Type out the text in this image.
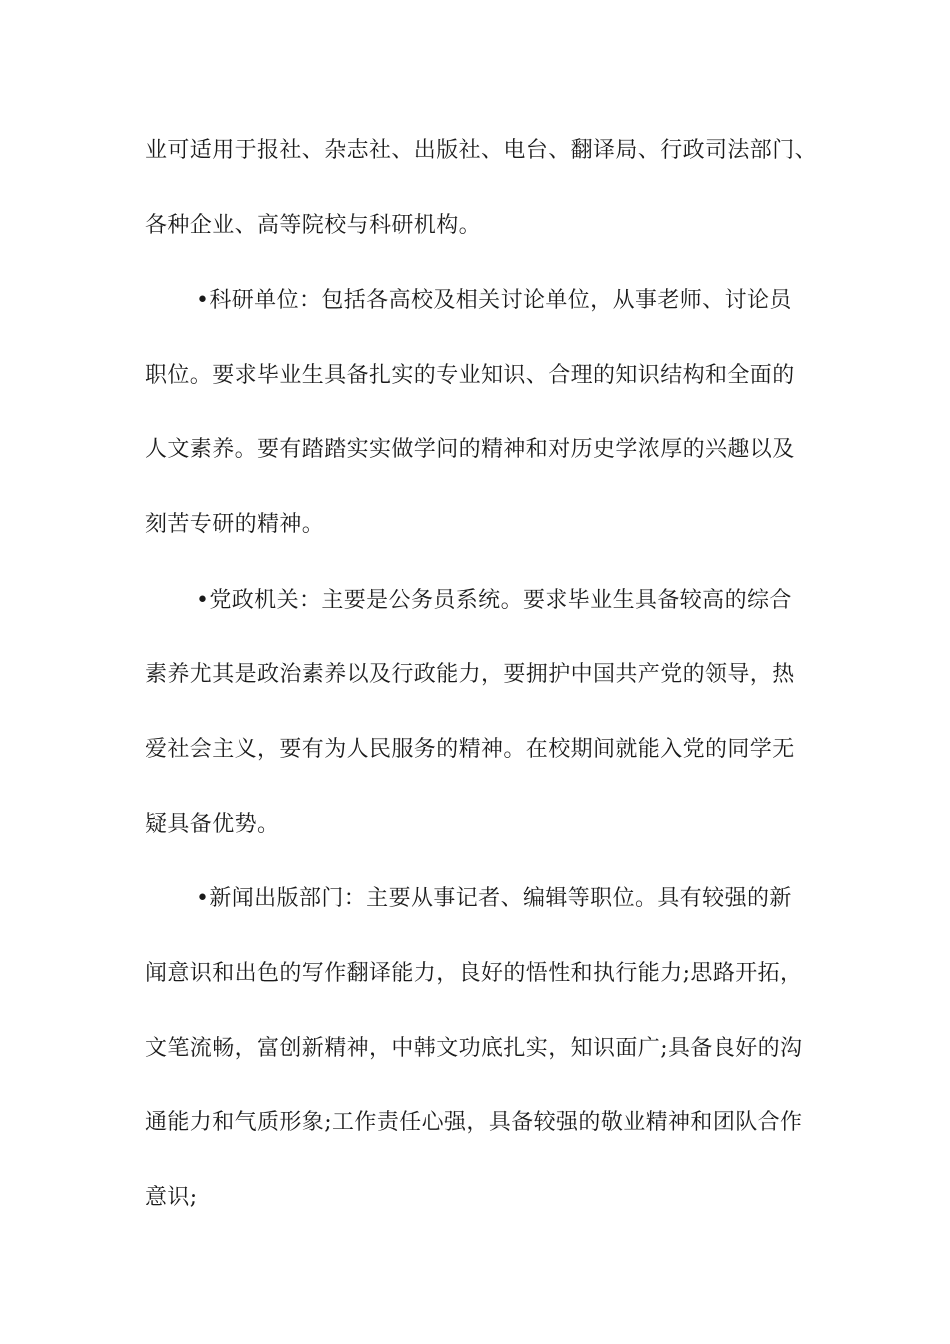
业可适用于报社、杂志社、出版社、电台、翻译局、行政司法部门、

各种企业、高等院校与科研机构。

•科研单位：包括各高校及相关讨论单位，从事老师、讨论员

职位。要求毕业生具备扎实的专业知识、合理的知识结构和全面的

人文素养。要有踏踏实实做学问的精神和对历史学浓厚的兴趣以及

刻苦专研的精神。

•党政机关：主要是公务员系统。要求毕业生具备较高的综合

素养尤其是政治素养以及行政能力，要拥护中国共产党的领导，热

爱社会主义，要有为人民服务的精神。在校期间就能入党的同学无

疑具备优势。

•新闻出版部门：主要从事记者、编辑等职位。具有较强的新

闻意识和出色的写作翻译能力，良好的悟性和执行能力;思路开拓，

文笔流畅，富创新精神，中韩文功底扎实，知识面广;具备良好的沟

通能力和气质形象;工作责任心强，具备较强的敬业精神和团队合作

意识;
